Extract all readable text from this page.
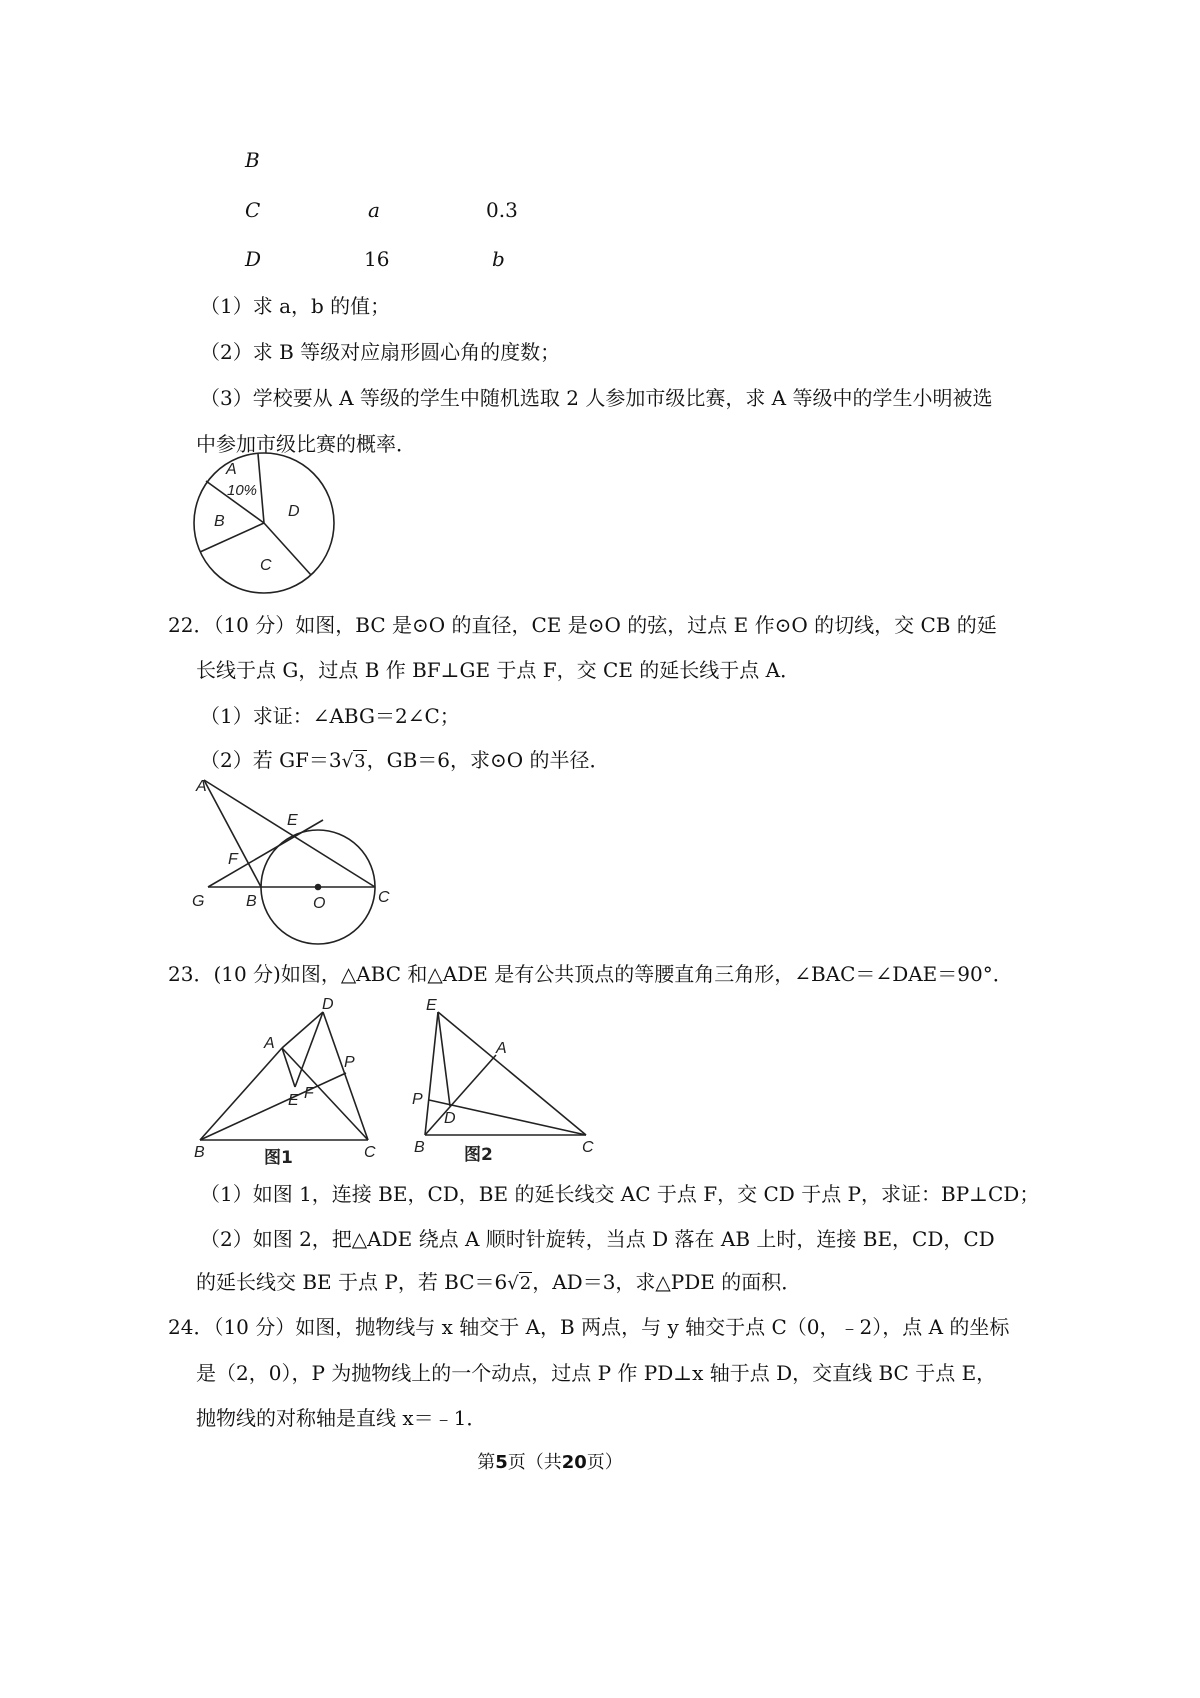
B
C	a	0.3
D	16	b
（1）求 a，b 的值；
（2）求 B 等级对应扇形圆心角的度数；
（3）学校要从 A 等级的学生中随机选取 2 人参加市级比赛，求 A 等级中的学生小明被选
中参加市级比赛的概率．
A
10%
B
C
D
22．（10 分）如图，BC 是⊙O 的直径，CE 是⊙O 的弦，过点 E 作⊙O 的切线，交 CB 的延
长线于点 G，过点 B 作 BF⊥GE 于点 F，交 CE 的延长线于点 A．
（1）求证：∠ABG＝2∠C；
（2）若 GF＝3√3，GB＝6，求⊙O 的半径．
A
E
F
G	B	O	C
23．(10 分)如图，△ABC 和△ADE 是有公共顶点的等腰直角三角形，∠BAC＝∠DAE＝90°．
D
A
P
E F
B	C
图1
E
A
P
D
B	C
图2
（1）如图 1，连接 BE，CD，BE 的延长线交 AC 于点 F，交 CD 于点 P，求证：BP⊥CD；
（2）如图 2，把△ADE 绕点 A 顺时针旋转，当点 D 落在 AB 上时，连接 BE，CD，CD
的延长线交 BE 于点 P，若 BC＝6√2，AD＝3，求△PDE 的面积．
24．（10 分）如图，抛物线与 x 轴交于 A，B 两点，与 y 轴交于点 C（0，﹣2），点 A 的坐标
是（2，0），P 为抛物线上的一个动点，过点 P 作 PD⊥x 轴于点 D，交直线 BC 于点 E，
抛物线的对称轴是直线 x＝﹣1．
第5页（共20页）
